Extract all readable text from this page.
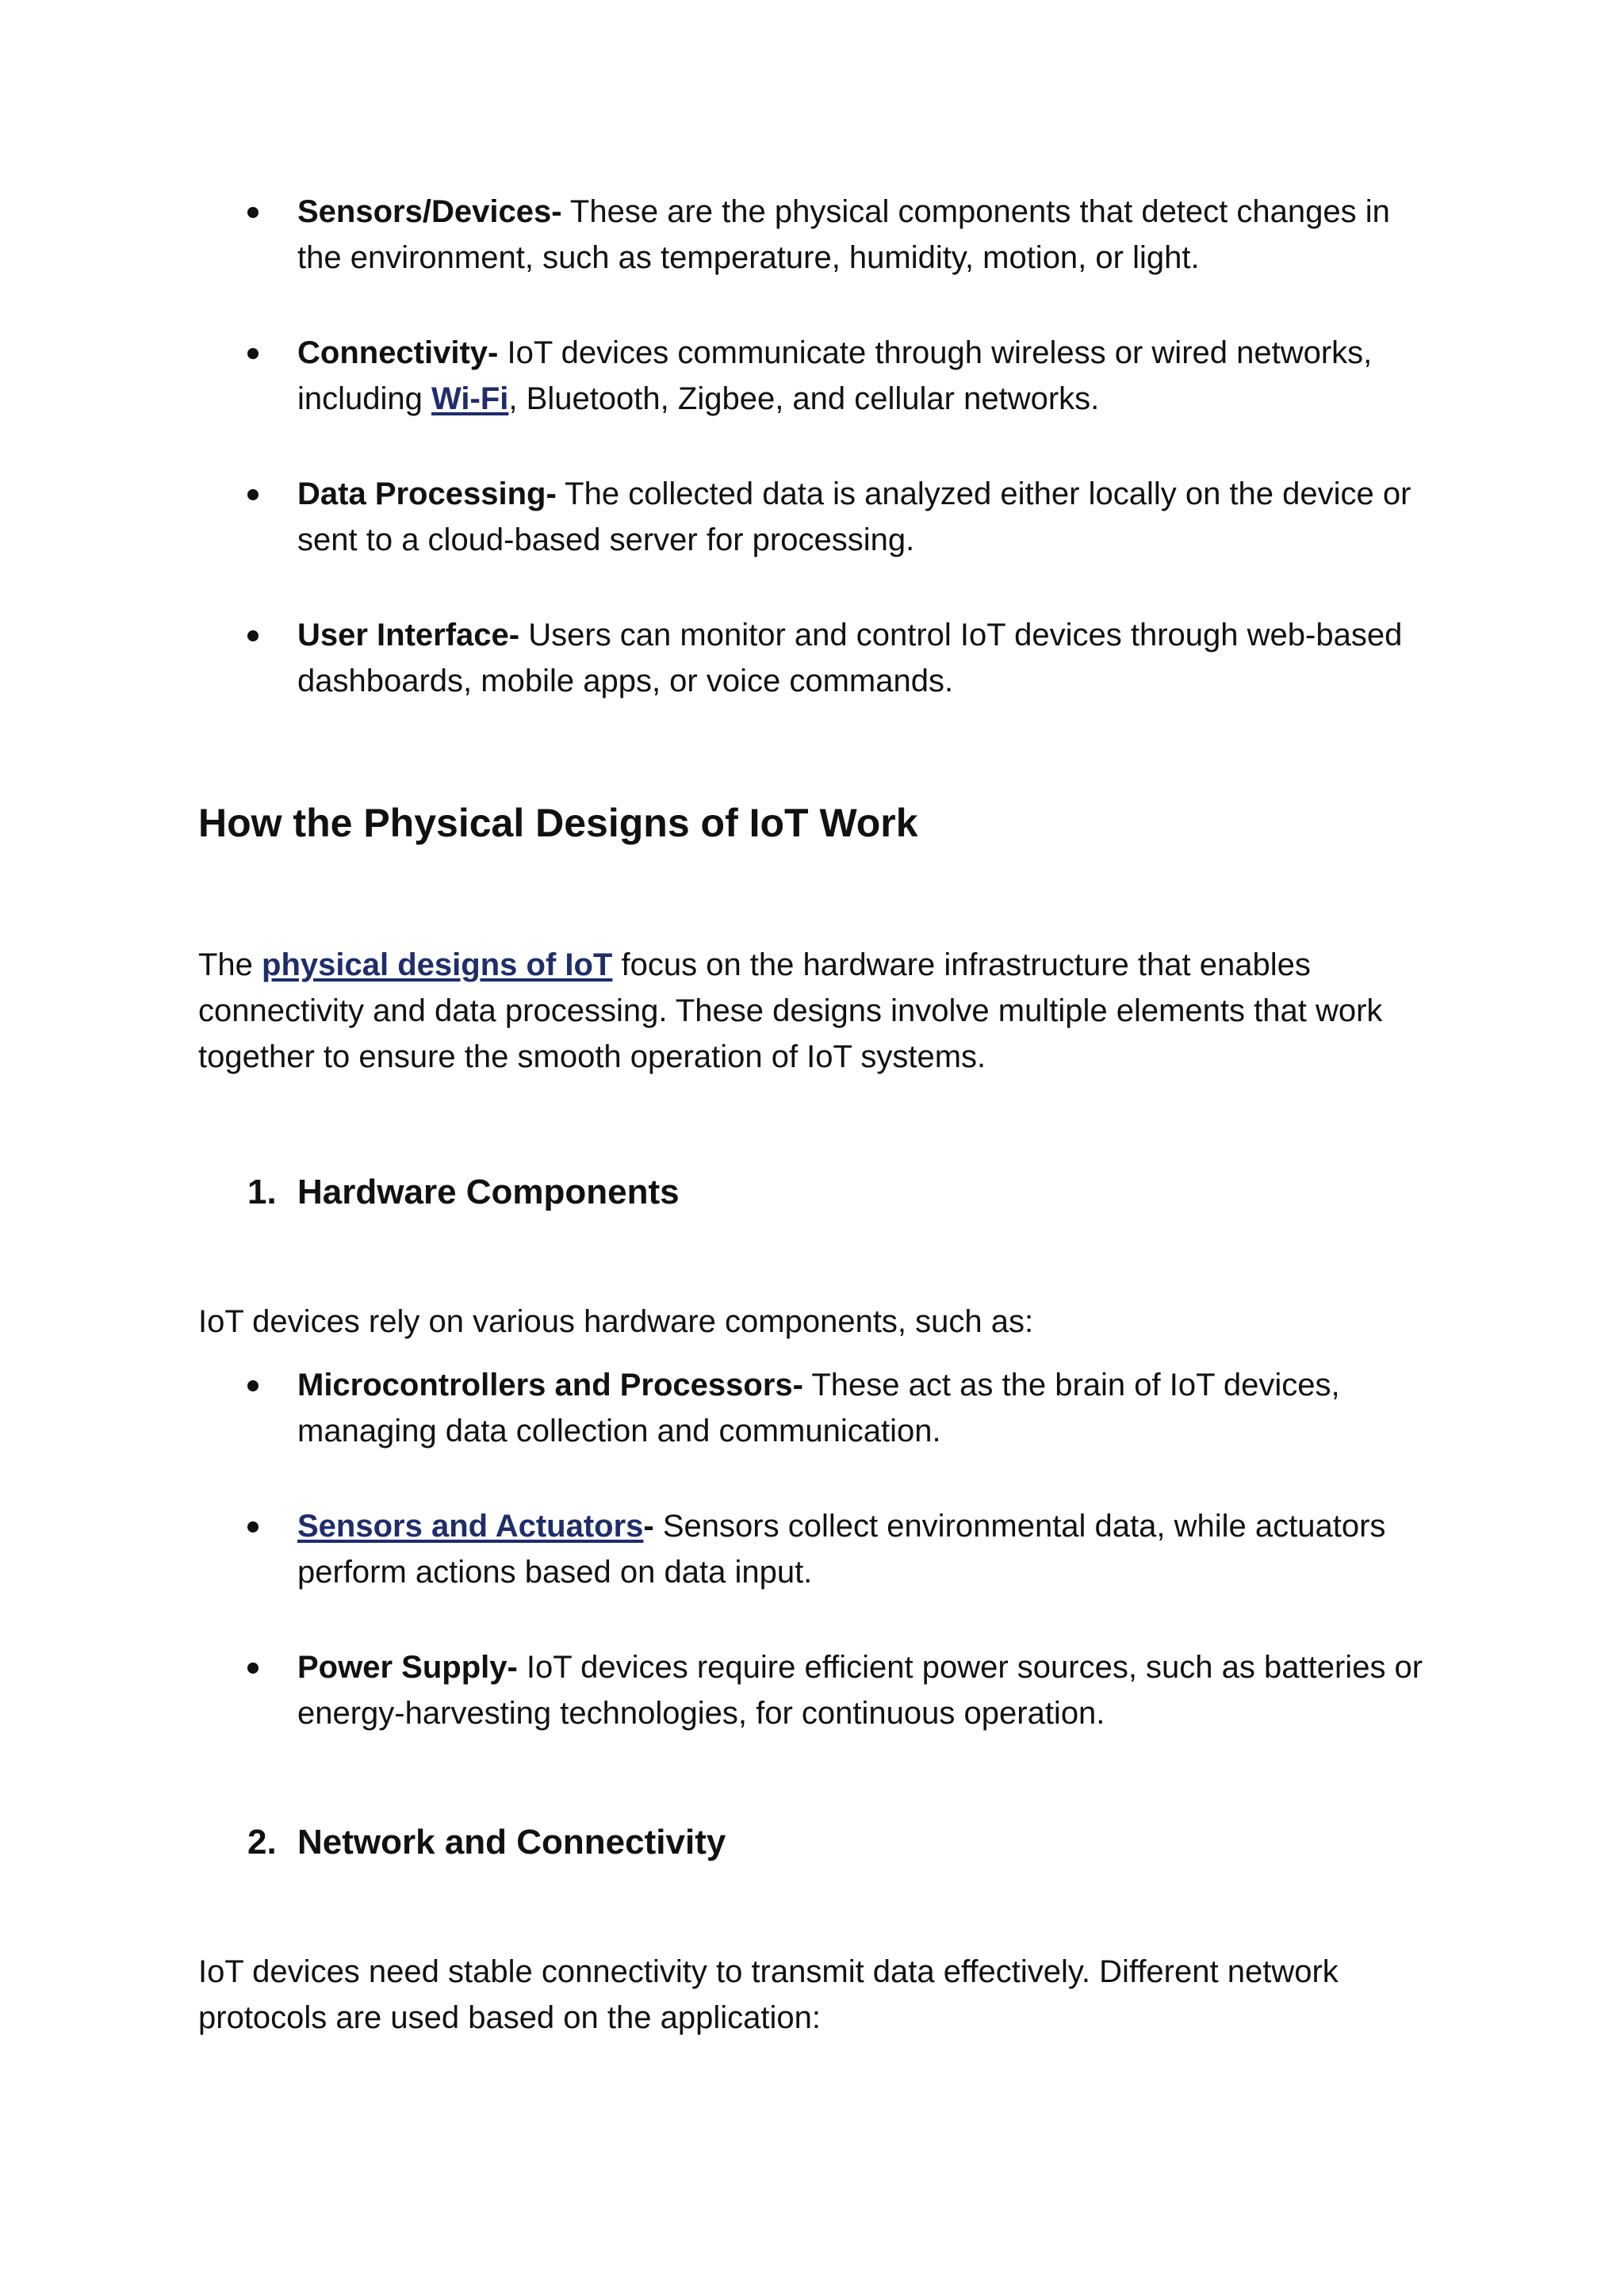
Sensors/Devices- These are the physical components that detect changes in the environment, such as temperature, humidity, motion, or light.
Connectivity- IoT devices communicate through wireless or wired networks, including Wi-Fi, Bluetooth, Zigbee, and cellular networks.
Data Processing- The collected data is analyzed either locally on the device or sent to a cloud-based server for processing.
User Interface- Users can monitor and control IoT devices through web-based dashboards, mobile apps, or voice commands.
How the Physical Designs of IoT Work

The physical designs of IoT focus on the hardware infrastructure that enables connectivity and data processing. These designs involve multiple elements that work together to ensure the smooth operation of IoT systems.

1. Hardware Components

IoT devices rely on various hardware components, such as:

Microcontrollers and Processors- These act as the brain of IoT devices, managing data collection and communication.
Sensors and Actuators- Sensors collect environmental data, while actuators perform actions based on data input.
Power Supply- IoT devices require efficient power sources, such as batteries or energy-harvesting technologies, for continuous operation.
2. Network and Connectivity

IoT devices need stable connectivity to transmit data effectively. Different network protocols are used based on the application:
